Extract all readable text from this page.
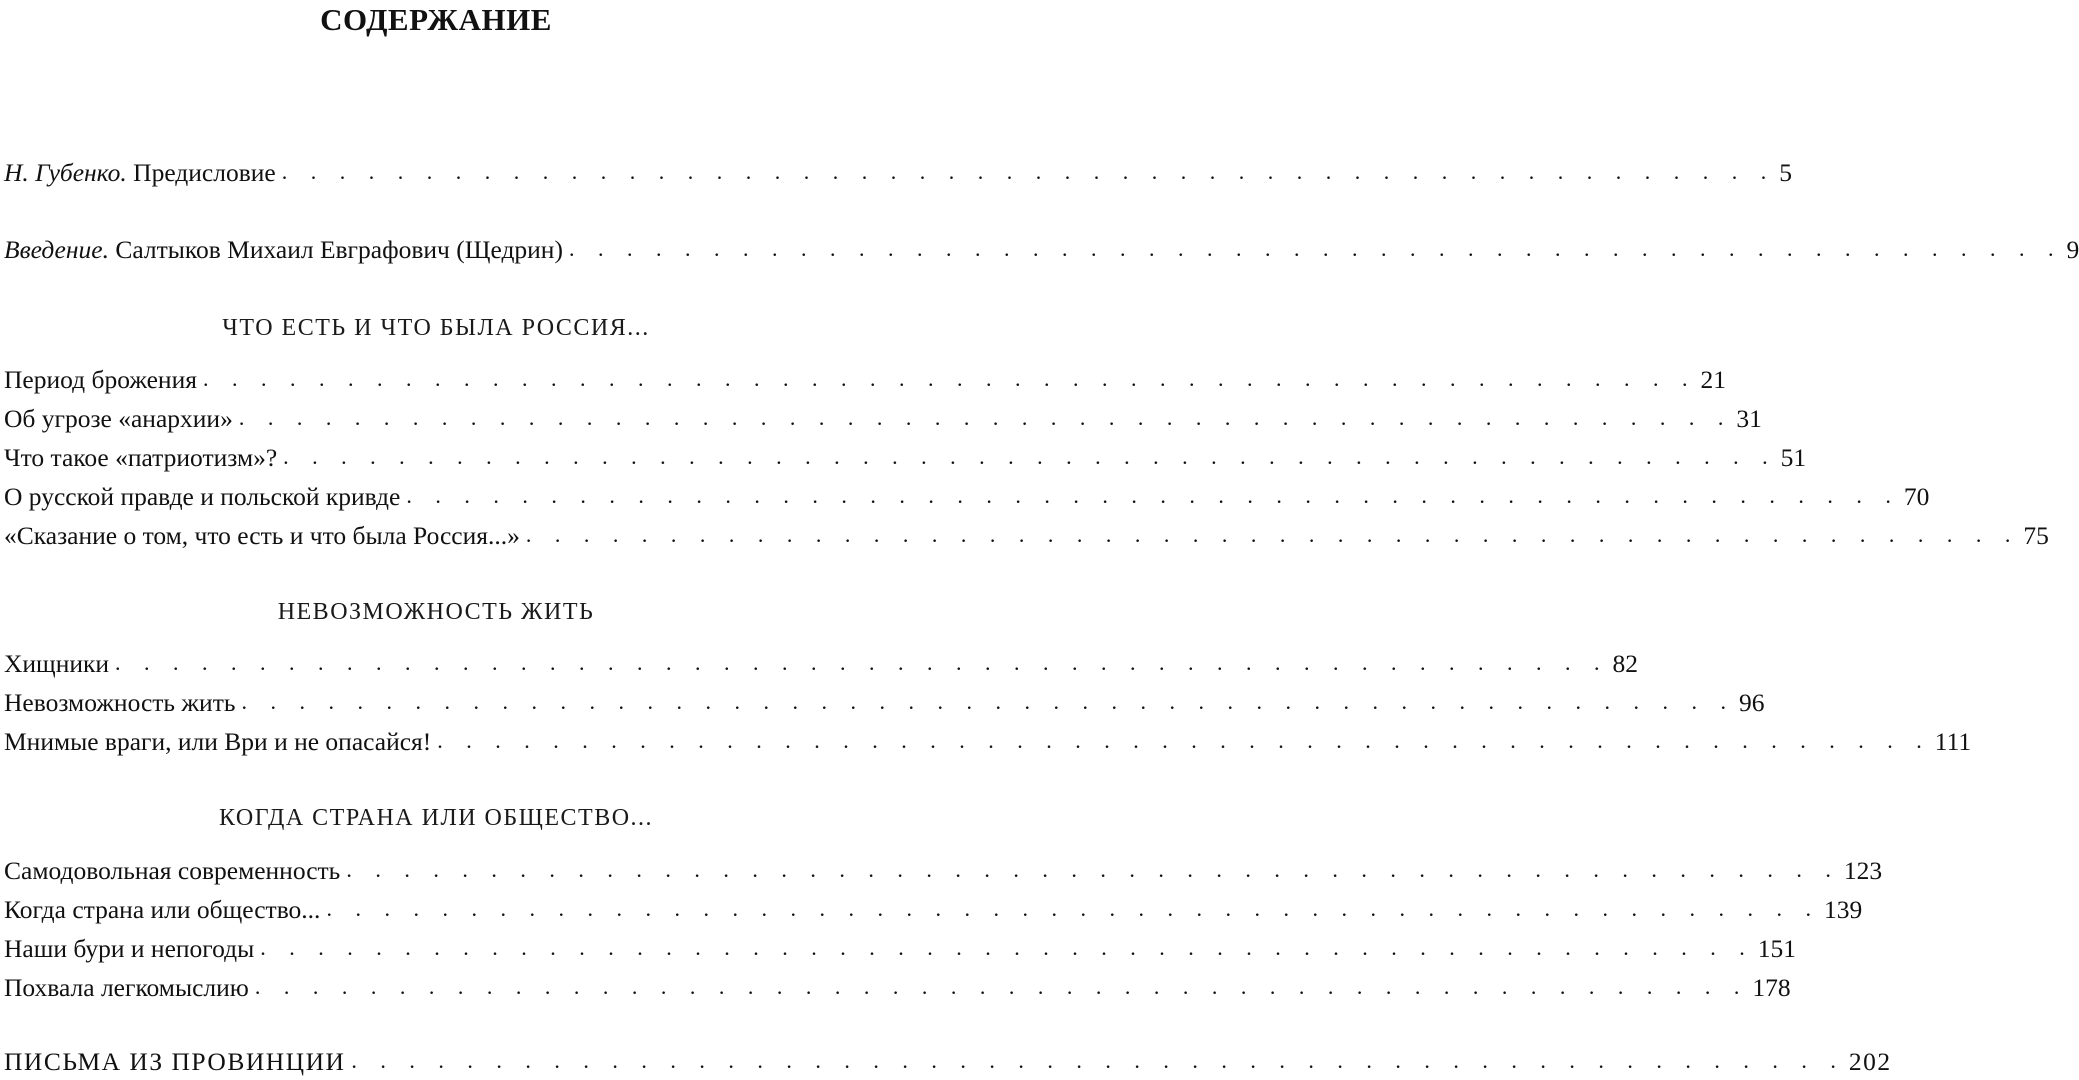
СОДЕРЖАНИЕ
Н. Губенко. Предисловие . . . . . . . . . . . . . . . . . . . . . . . . . . . . . . . . . . . . . . . . . . . . . . . . . . . . 5
Введение. Салтыков Михаил Евграфович (Щедрин) . . . . . . . . . . . . . . . . . . . . . . . . . . . . . . . . . . . . . . . . . . . . . . . . . . . . 9
ЧТО ЕСТЬ И ЧТО БЫЛА РОССИЯ...
Период брожения . . . . . . . . . . . . . . . . . . . . . . . . . . . . . . . . . . . . . . . . . . . . . . . . . . . . 21
Об угрозе «анархии» . . . . . . . . . . . . . . . . . . . . . . . . . . . . . . . . . . . . . . . . . . . . . . . . . . . . 31
Что такое «патриотизм»? . . . . . . . . . . . . . . . . . . . . . . . . . . . . . . . . . . . . . . . . . . . . . . . . . . . . 51
О русской правде и польской кривде . . . . . . . . . . . . . . . . . . . . . . . . . . . . . . . . . . . . . . . . . . . . . . . . . . . . 70
«Сказание о том, что есть и что была Россия...» . . . . . . . . . . . . . . . . . . . . . . . . . . . . . . . . . . . . . . . . . . . . . . . . . . . . 75
НЕВОЗМОЖНОСТЬ ЖИТЬ
Хищники . . . . . . . . . . . . . . . . . . . . . . . . . . . . . . . . . . . . . . . . . . . . . . . . . . . . 82
Невозможность жить . . . . . . . . . . . . . . . . . . . . . . . . . . . . . . . . . . . . . . . . . . . . . . . . . . . . 96
Мнимые враги, или Ври и не опасайся! . . . . . . . . . . . . . . . . . . . . . . . . . . . . . . . . . . . . . . . . . . . . . . . . . . . . 111
КОГДА СТРАНА ИЛИ ОБЩЕСТВО...
Самодовольная современность . . . . . . . . . . . . . . . . . . . . . . . . . . . . . . . . . . . . . . . . . . . . . . . . . . . . 123
Когда страна или общество... . . . . . . . . . . . . . . . . . . . . . . . . . . . . . . . . . . . . . . . . . . . . . . . . . . . . 139
Наши бури и непогоды . . . . . . . . . . . . . . . . . . . . . . . . . . . . . . . . . . . . . . . . . . . . . . . . . . . . 151
Похвала легкомыслию . . . . . . . . . . . . . . . . . . . . . . . . . . . . . . . . . . . . . . . . . . . . . . . . . . . . 178
ПИСЬМА ИЗ ПРОВИНЦИИ . . . . . . . . . . . . . . . . . . . . . . . . . . . . . . . . . . . . . . . . . . . . . . . . . . . . 202
